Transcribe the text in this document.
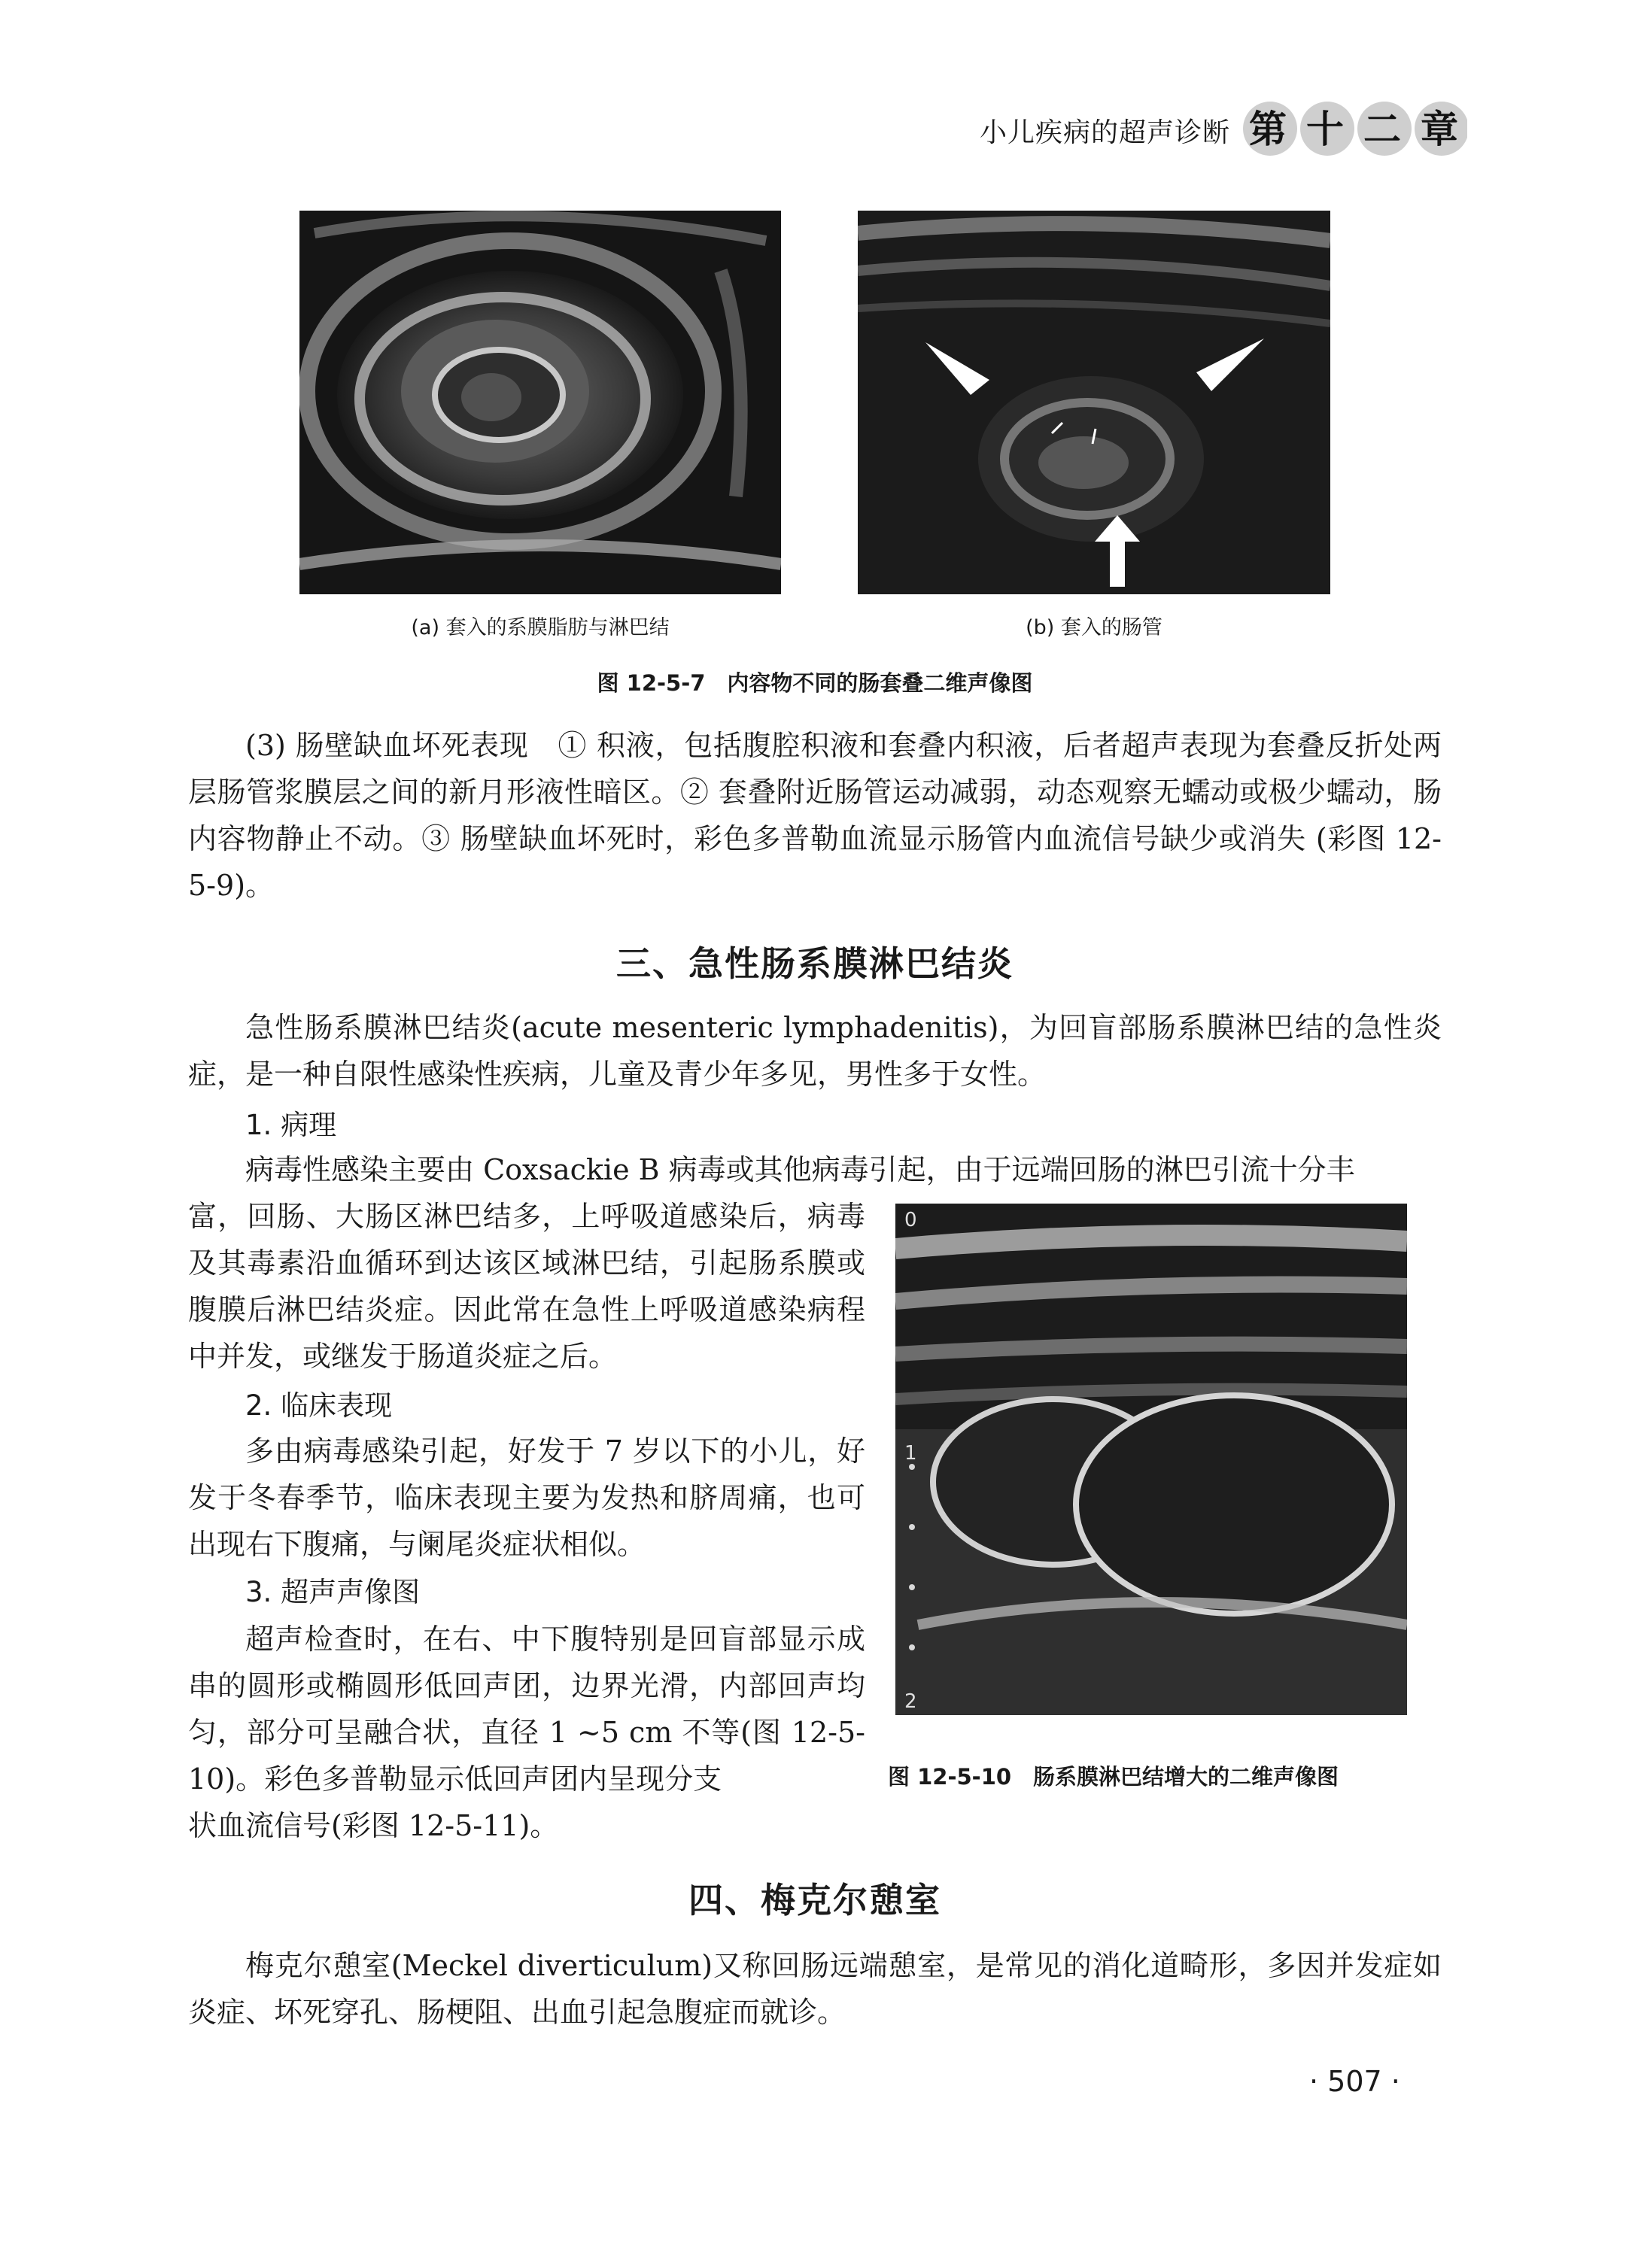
小儿疾病的超声诊断 第 十 二 章
(a) 套入的系膜脂肪与淋巴结	(b) 套入的肠管
图 12-5-7　内容物不同的肠套叠二维声像图
(3) 肠壁缺血坏死表现　① 积液，包括腹腔积液和套叠内积液，后者超声表现为套叠反折处两层肠管浆膜层之间的新月形液性暗区。② 套叠附近肠管运动减弱，动态观察无蠕动或极少蠕动，肠内容物静止不动。③ 肠壁缺血坏死时，彩色多普勒血流显示肠管内血流信号缺少或消失 (彩图 12-5-9)。
三、急性肠系膜淋巴结炎
急性肠系膜淋巴结炎(acute mesenteric lymphadenitis)，为回盲部肠系膜淋巴结的急性炎症，是一种自限性感染性疾病，儿童及青少年多见，男性多于女性。
1. 病理
病毒性感染主要由 Coxsackie B 病毒或其他病毒引起，由于远端回肠的淋巴引流十分丰
富，回肠、大肠区淋巴结多，上呼吸道感染后，病毒及其毒素沿血循环到达该区域淋巴结，引起肠系膜或腹膜后淋巴结炎症。因此常在急性上呼吸道感染病程中并发，或继发于肠道炎症之后。
2. 临床表现
多由病毒感染引起，好发于 7 岁以下的小儿，好发于冬春季节，临床表现主要为发热和脐周痛，也可出现右下腹痛，与阑尾炎症状相似。
3. 超声声像图
超声检查时，在右、中下腹特别是回盲部显示成串的圆形或椭圆形低回声团，边界光滑，内部回声均匀，部分可呈融合状，直径 1 ~5 cm 不等(图 12-5-10)。彩色多普勒显示低回声团内呈现分支
状血流信号(彩图 12-5-11)。
0
1
2
图 12-5-10　肠系膜淋巴结增大的二维声像图
四、梅克尔憩室
梅克尔憩室(Meckel diverticulum)又称回肠远端憩室，是常见的消化道畸形，多因并发症如炎症、坏死穿孔、肠梗阻、出血引起急腹症而就诊。
· 507 ·
